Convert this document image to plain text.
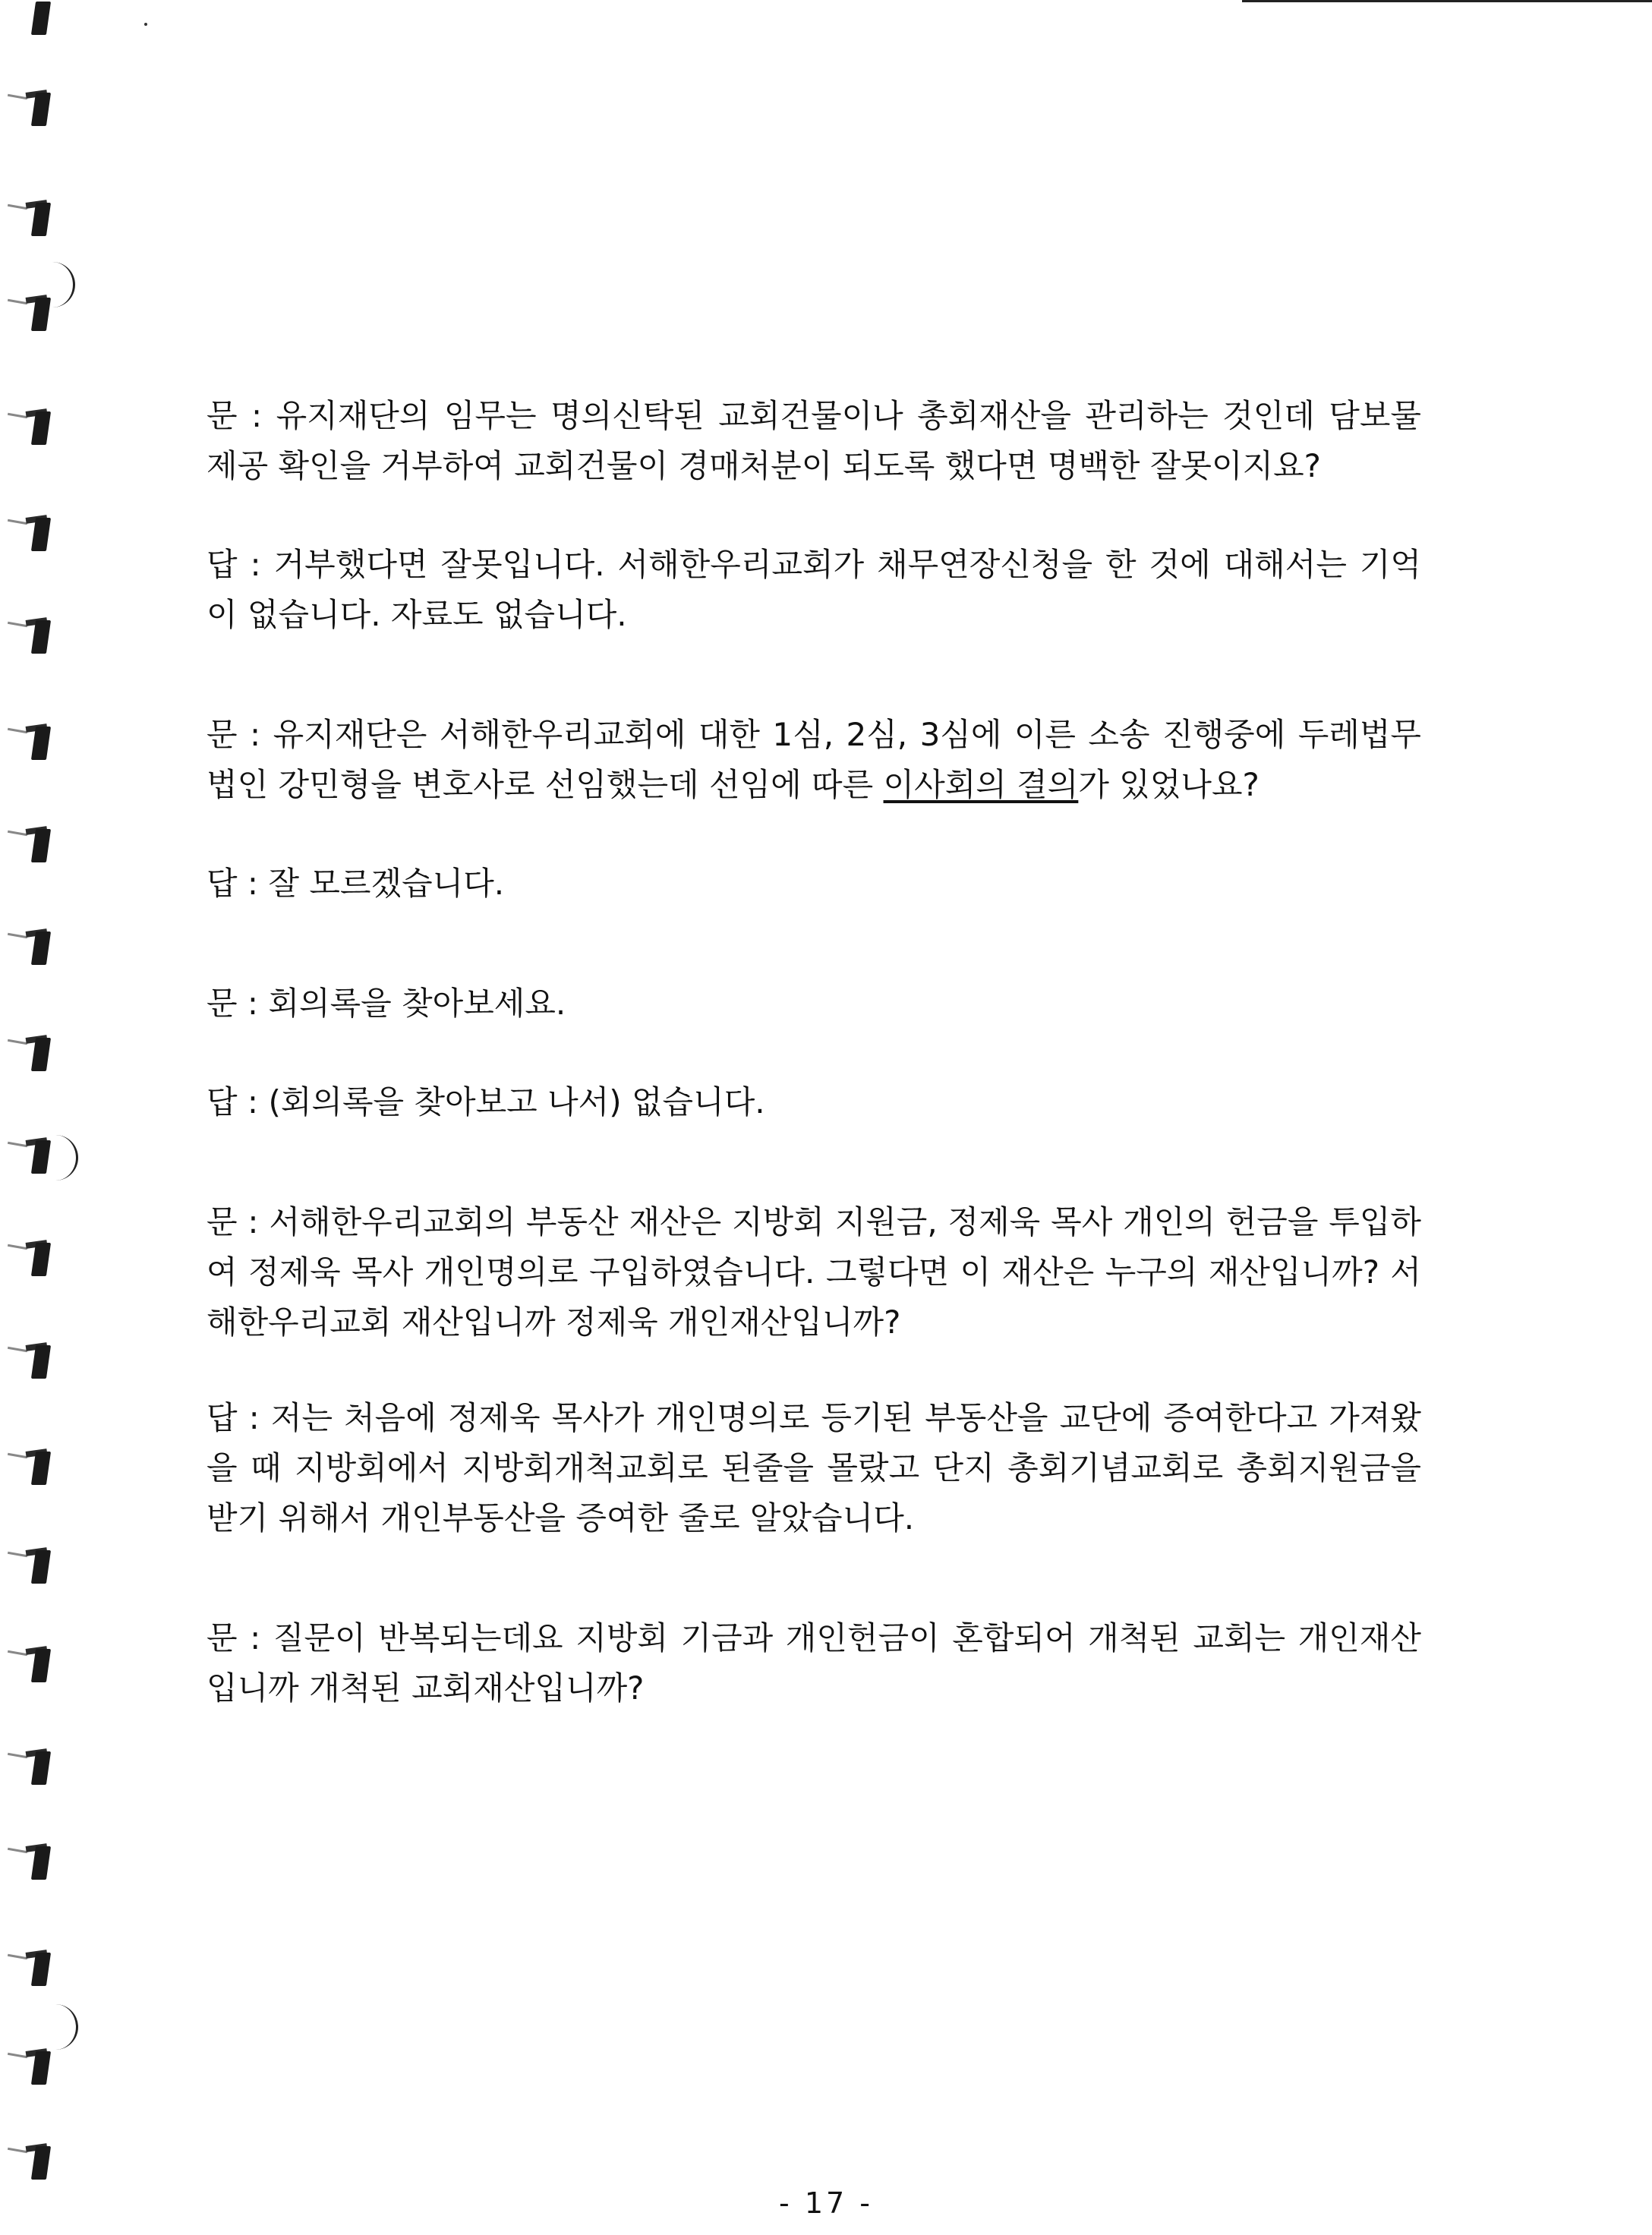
문 : 유지재단의 임무는 명의신탁된 교회건물이나 총회재산을 관리하는 것인데 담보물 제공 확인을 거부하여 교회건물이 경매처분이 되도록 했다면 명백한 잘못이지요?

답 : 거부했다면 잘못입니다. 서해한우리교회가 채무연장신청을 한 것에 대해서는 기억이 없습니다. 자료도 없습니다.

문 : 유지재단은 서해한우리교회에 대한 1심, 2심, 3심에 이른 소송 진행중에 두레법무법인 강민형을 변호사로 선임했는데 선임에 따른 이사회의 결의가 있었나요?

답 : 잘 모르겠습니다.

문 : 회의록을 찾아보세요.

답 : (회의록을 찾아보고 나서) 없습니다.

문 : 서해한우리교회의 부동산 재산은 지방회 지원금, 정제욱 목사 개인의 헌금을 투입하여 정제욱 목사 개인명의로 구입하였습니다. 그렇다면 이 재산은 누구의 재산입니까? 서해한우리교회 재산입니까 정제욱 개인재산입니까?

답 : 저는 처음에 정제욱 목사가 개인명의로 등기된 부동산을 교단에 증여한다고 가져왔을 때 지방회에서 지방회개척교회로 된줄을 몰랐고 단지 총회기념교회로 총회지원금을 받기 위해서 개인부동산을 증여한 줄로 알았습니다.

문 : 질문이 반복되는데요 지방회 기금과 개인헌금이 혼합되어 개척된 교회는 개인재산입니까 개척된 교회재산입니까?

- 17 -
